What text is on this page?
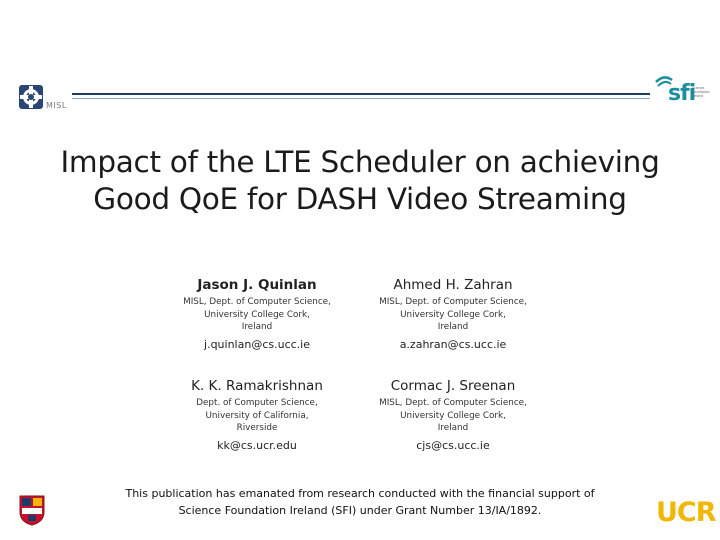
MISL	sfi
Science Foundation Ireland
Impact of the LTE Scheduler on achieving
Good QoE for DASH Video Streaming
Jason J. Quinlan
MISL, Dept. of Computer Science,
University College Cork,
Ireland
j.quinlan@cs.ucc.ie
Ahmed H. Zahran
MISL, Dept. of Computer Science,
University College Cork,
Ireland
a.zahran@cs.ucc.ie
K. K. Ramakrishnan
Dept. of Computer Science,
University of California,
Riverside
kk@cs.ucr.edu
Cormac J. Sreenan
MISL, Dept. of Computer Science,
University College Cork,
Ireland
cjs@cs.ucc.ie
This publication has emanated from research conducted with the financial support of
Science Foundation Ireland (SFI) under Grant Number 13/IA/1892.	UCR
